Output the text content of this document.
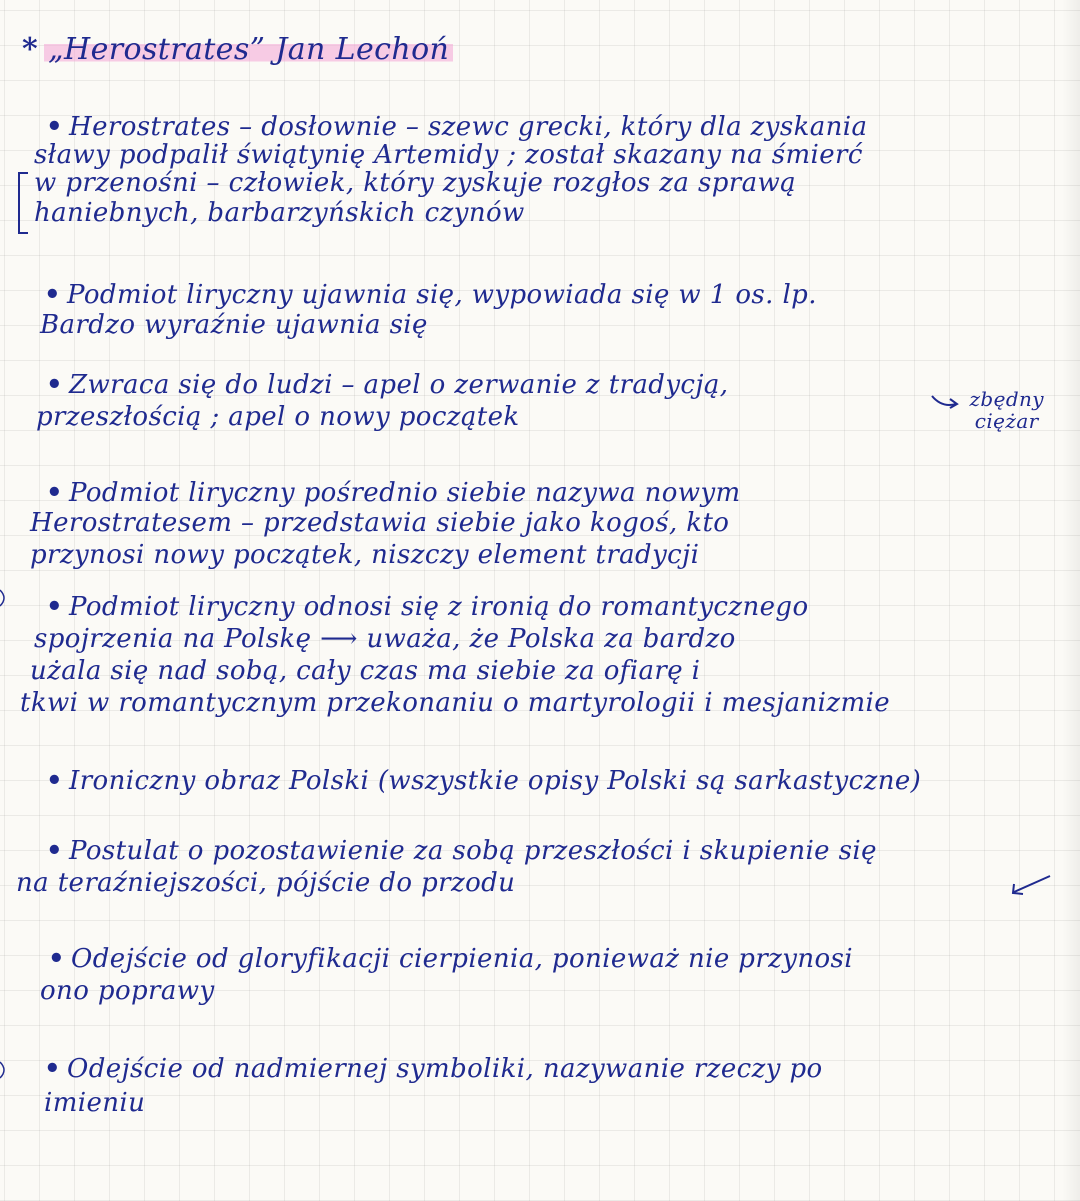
* „Herostrates” Jan Lechoń
• Herostrates – dosłownie – szewc grecki, który dla zyskania
sławy podpalił świątynię Artemidy ; został skazany na śmierć
w przenośni – człowiek, który zyskuje rozgłos za sprawą
haniebnych, barbarzyńskich czynów
• Podmiot liryczny ujawnia się, wypowiada się w 1 os. lp.
Bardzo wyraźnie ujawnia się
• Zwraca się do ludzi – apel o zerwanie z tradycją,
przeszłością ; apel o nowy początek
zbędny
ciężar
• Podmiot liryczny pośrednio siebie nazywa nowym
Herostratesem – przedstawia siebie jako kogoś, kto
przynosi nowy początek, niszczy element tradycji
• Podmiot liryczny odnosi się z ironią do romantycznego
spojrzenia na Polskę ⟶ uważa, że Polska za bardzo
użala się nad sobą, cały czas ma siebie za ofiarę i
tkwi w romantycznym przekonaniu o martyrologii i mesjanizmie
• Ironiczny obraz Polski (wszystkie opisy Polski są sarkastyczne)
• Postulat o pozostawienie za sobą przeszłości i skupienie się
na teraźniejszości, pójście do przodu
• Odejście od gloryfikacji cierpienia, ponieważ nie przynosi
ono poprawy
• Odejście od nadmiernej symboliki, nazywanie rzeczy po
imieniu
